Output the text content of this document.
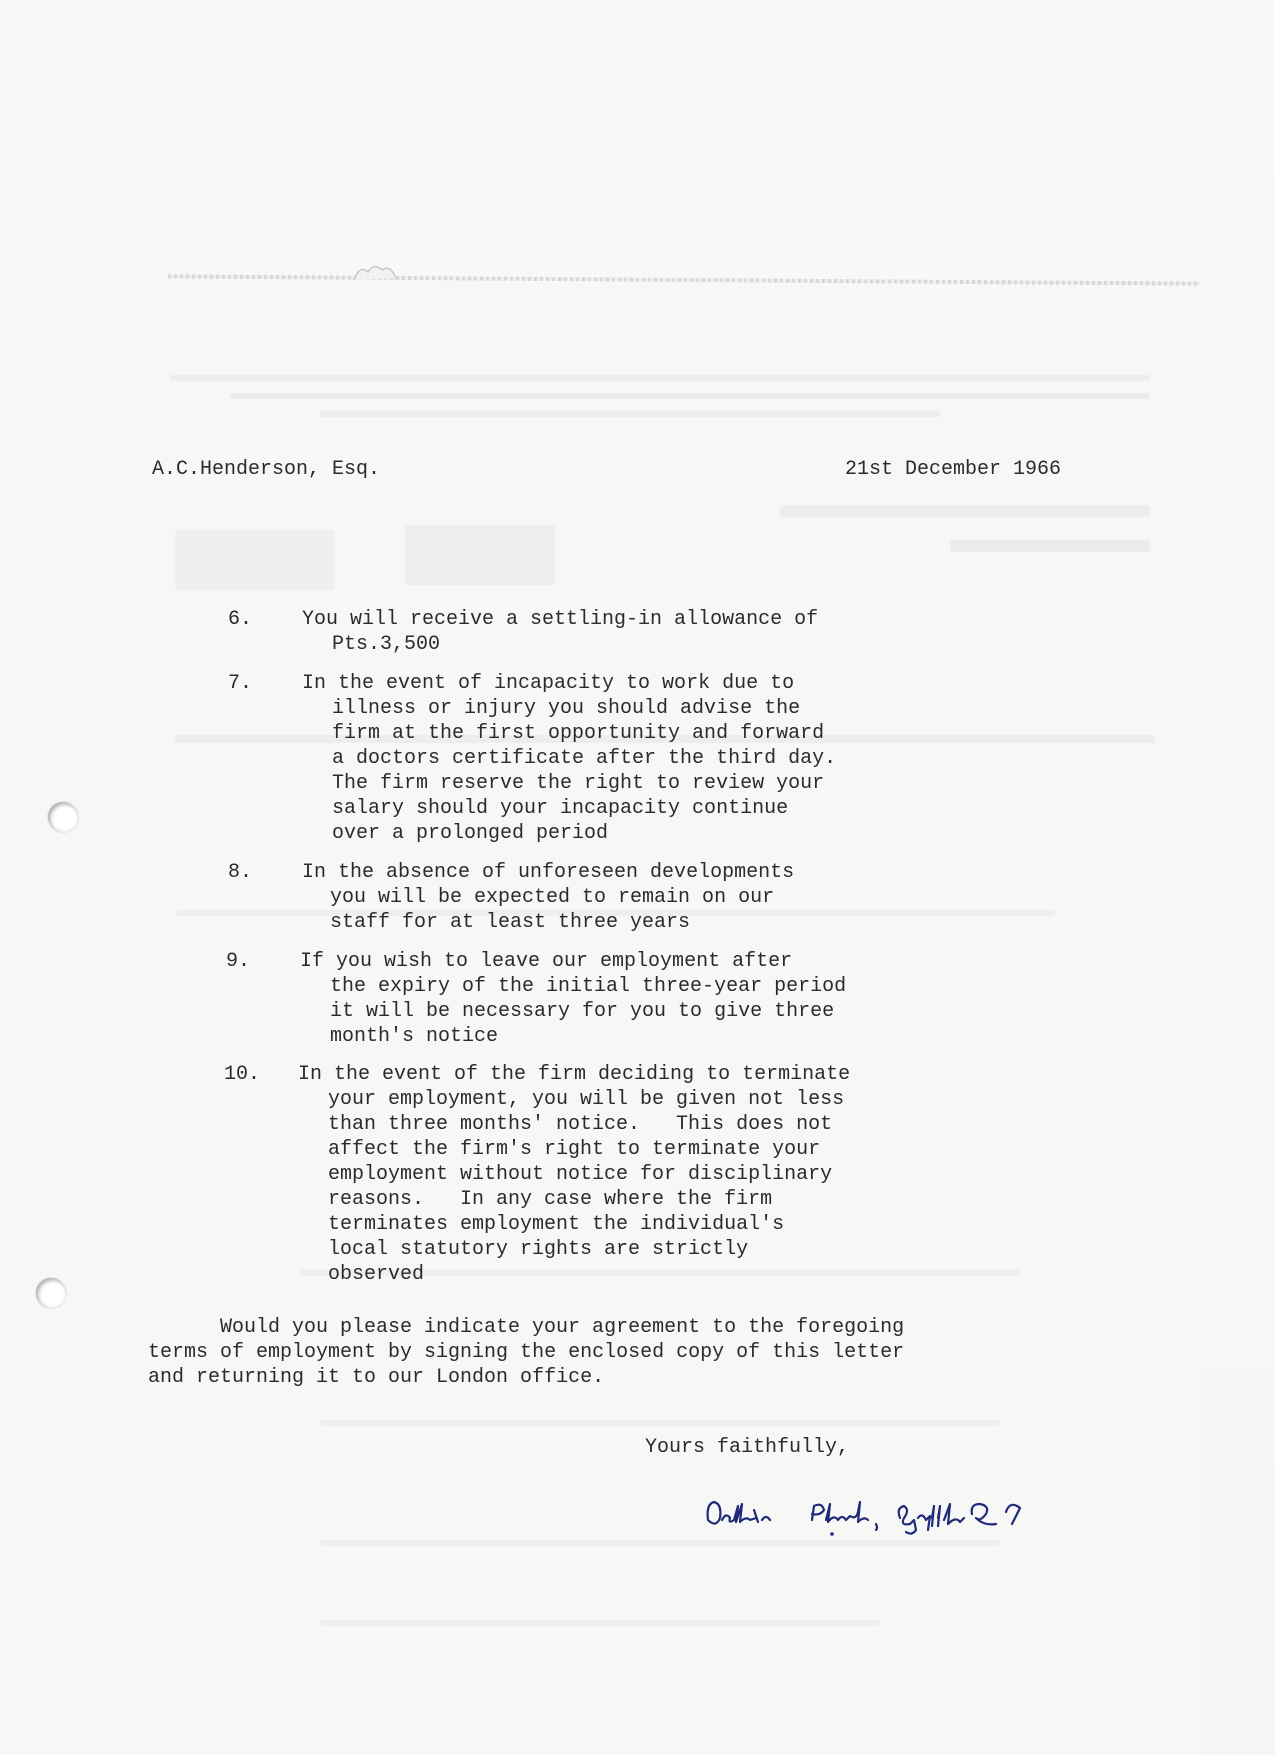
A.C.Henderson, Esq.	21st December 1966
6. You will receive a settling-in allowance of
Pts.3,500
7. In the event of incapacity to work due to
illness or injury you should advise the
firm at the first opportunity and forward
a doctors certificate after the third day.
The firm reserve the right to review your
salary should your incapacity continue
over a prolonged period
8. In the absence of unforeseen developments
you will be expected to remain on our
staff for at least three years
9. If you wish to leave our employment after
the expiry of the initial three-year period
it will be necessary for you to give three
month's notice
10. In the event of the firm deciding to terminate
your employment, you will be given not less
than three months' notice.   This does not
affect the firm's right to terminate your
employment without notice for disciplinary
reasons.   In any case where the firm
terminates employment the individual's
local statutory rights are strictly
observed
Would you please indicate your agreement to the foregoing
terms of employment by signing the enclosed copy of this letter
and returning it to our London office.
Yours faithfully,
